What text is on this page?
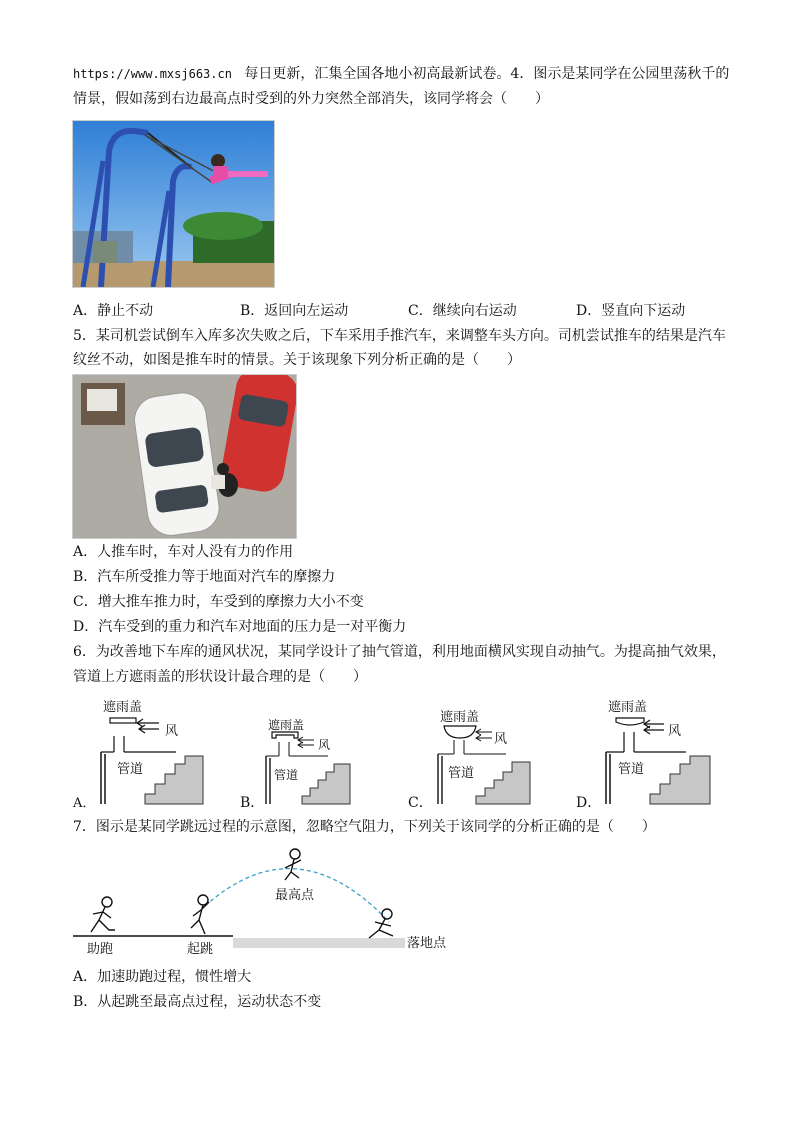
https://www.mxsj663.cn 每日更新，汇集全国各地小初高最新试卷。4．图示是某同学在公园里荡秋千的
情景，假如荡到右边最高点时受到的外力突然全部消失，该同学将会（　　）
A．静止不动	B．返回向左运动	C．继续向右运动	D．竖直向下运动
5．某司机尝试倒车入库多次失败之后，下车采用手推汽车，来调整车头方向。司机尝试推车的结果是汽车
纹丝不动，如图是推车时的情景。关于该现象下列分析正确的是（　　）
A．人推车时，车对人没有力的作用
B．汽车所受推力等于地面对汽车的摩擦力
C．增大推车推力时，车受到的摩擦力大小不变
D．汽车受到的重力和汽车对地面的压力是一对平衡力
6．为改善地下车库的通风状况，某同学设计了抽气管道，利用地面横风实现自动抽气。为提高抽气效果，
管道上方遮雨盖的形状设计最合理的是（　　）
遮雨盖
风
管道
A．
遮雨盖
风
管道
B．
遮雨盖
风
管道
C．
遮雨盖
风
管道
D．
7．图示是某同学跳远过程的示意图，忽略空气阻力，下列关于该同学的分析正确的是（　　）
最高点
助跑	起跳	落地点
A．加速助跑过程，惯性增大
B．从起跳至最高点过程，运动状态不变
